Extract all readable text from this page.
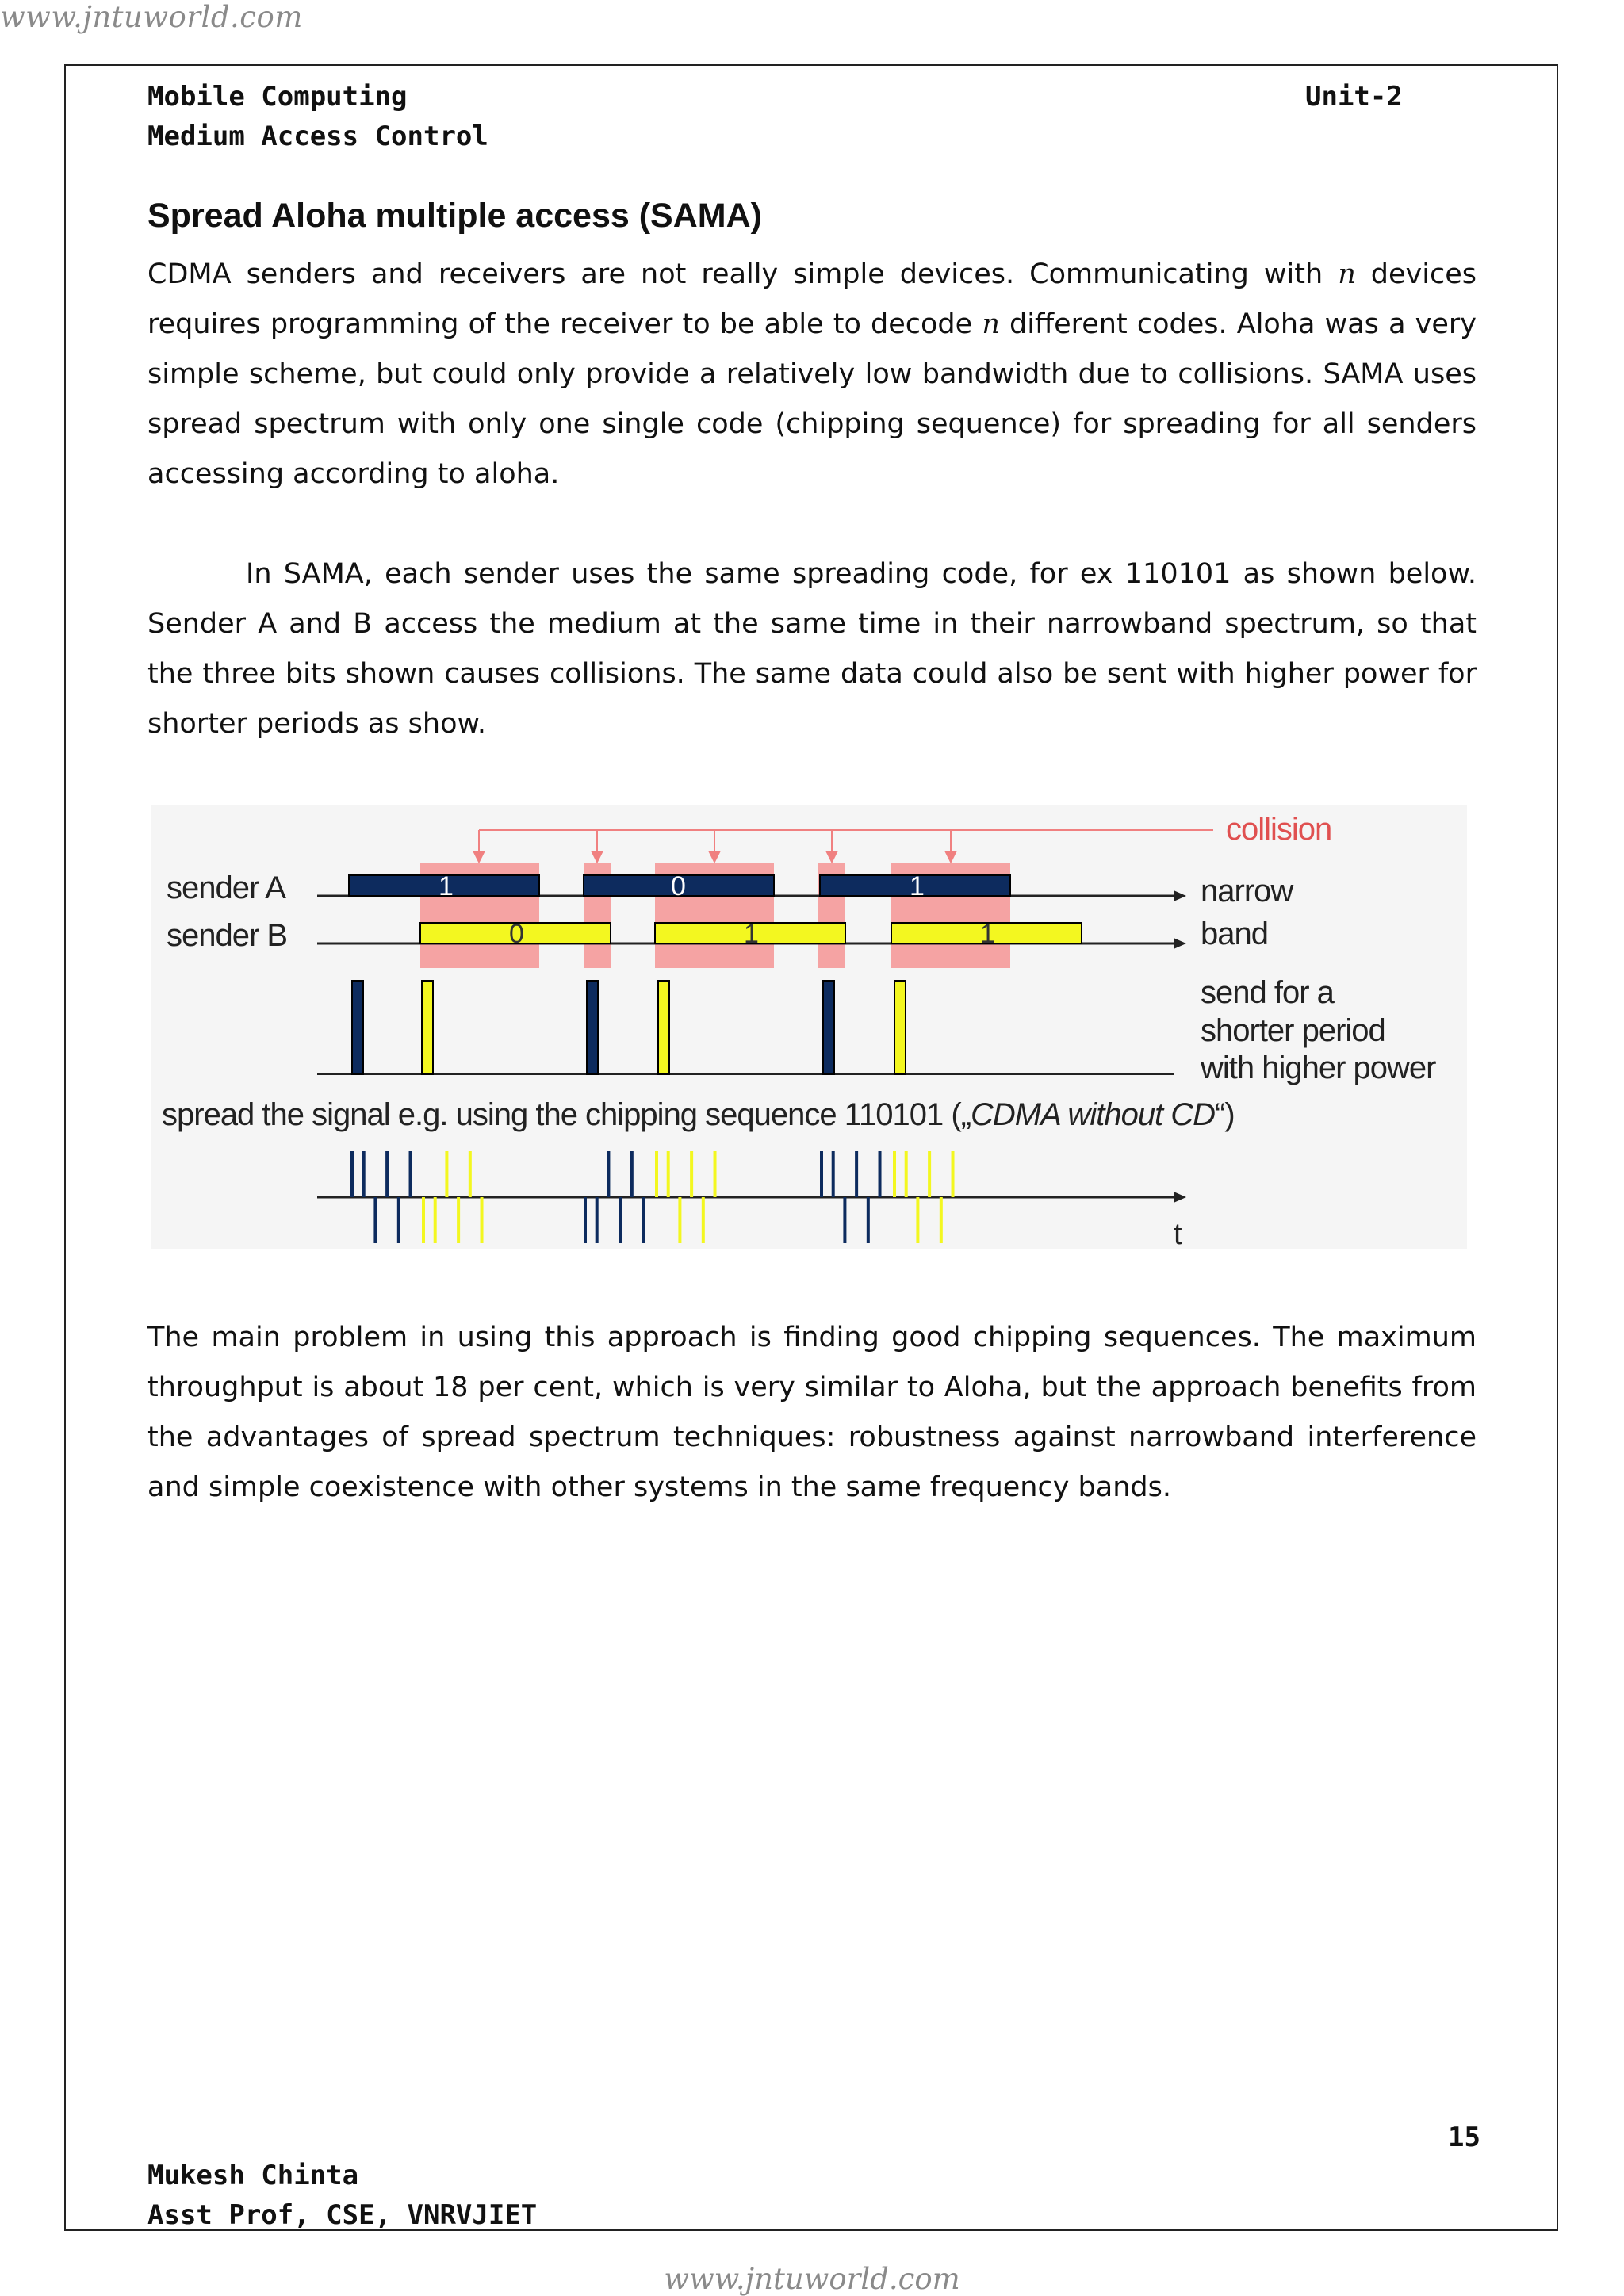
www.jntuworld.com
Mobile Computing
Medium Access Control
Unit-2
Spread Aloha multiple access (SAMA)

CDMA senders and receivers are not really simple devices. Communicating with n devices requires programming of the receiver to be able to decode n different codes. Aloha was a very simple scheme, but could only provide a relatively low bandwidth due to collisions. SAMA uses spread spectrum with only one single code (chipping sequence) for spreading for all senders accessing according to aloha.

In SAMA, each sender uses the same spreading code, for ex 110101 as shown below. Sender A and B access the medium at the same time in their narrowband spectrum, so that the three bits shown causes collisions. The same data could also be sent with higher power for shorter periods as show.

collision
sender A
sender B
1	0	1
0	1	1
narrow
band
send for a
shorter period
with higher power
spread the signal e.g. using the chipping sequence 110101 („CDMA without CD“)
t

The main problem in using this approach is finding good chipping sequences. The maximum throughput is about 18 per cent, which is very similar to Aloha, but the approach benefits from the advantages of spread spectrum techniques: robustness against narrowband interference and simple coexistence with other systems in the same frequency bands.

15
Mukesh Chinta
Asst Prof, CSE, VNRVJIET
www.jntuworld.com
